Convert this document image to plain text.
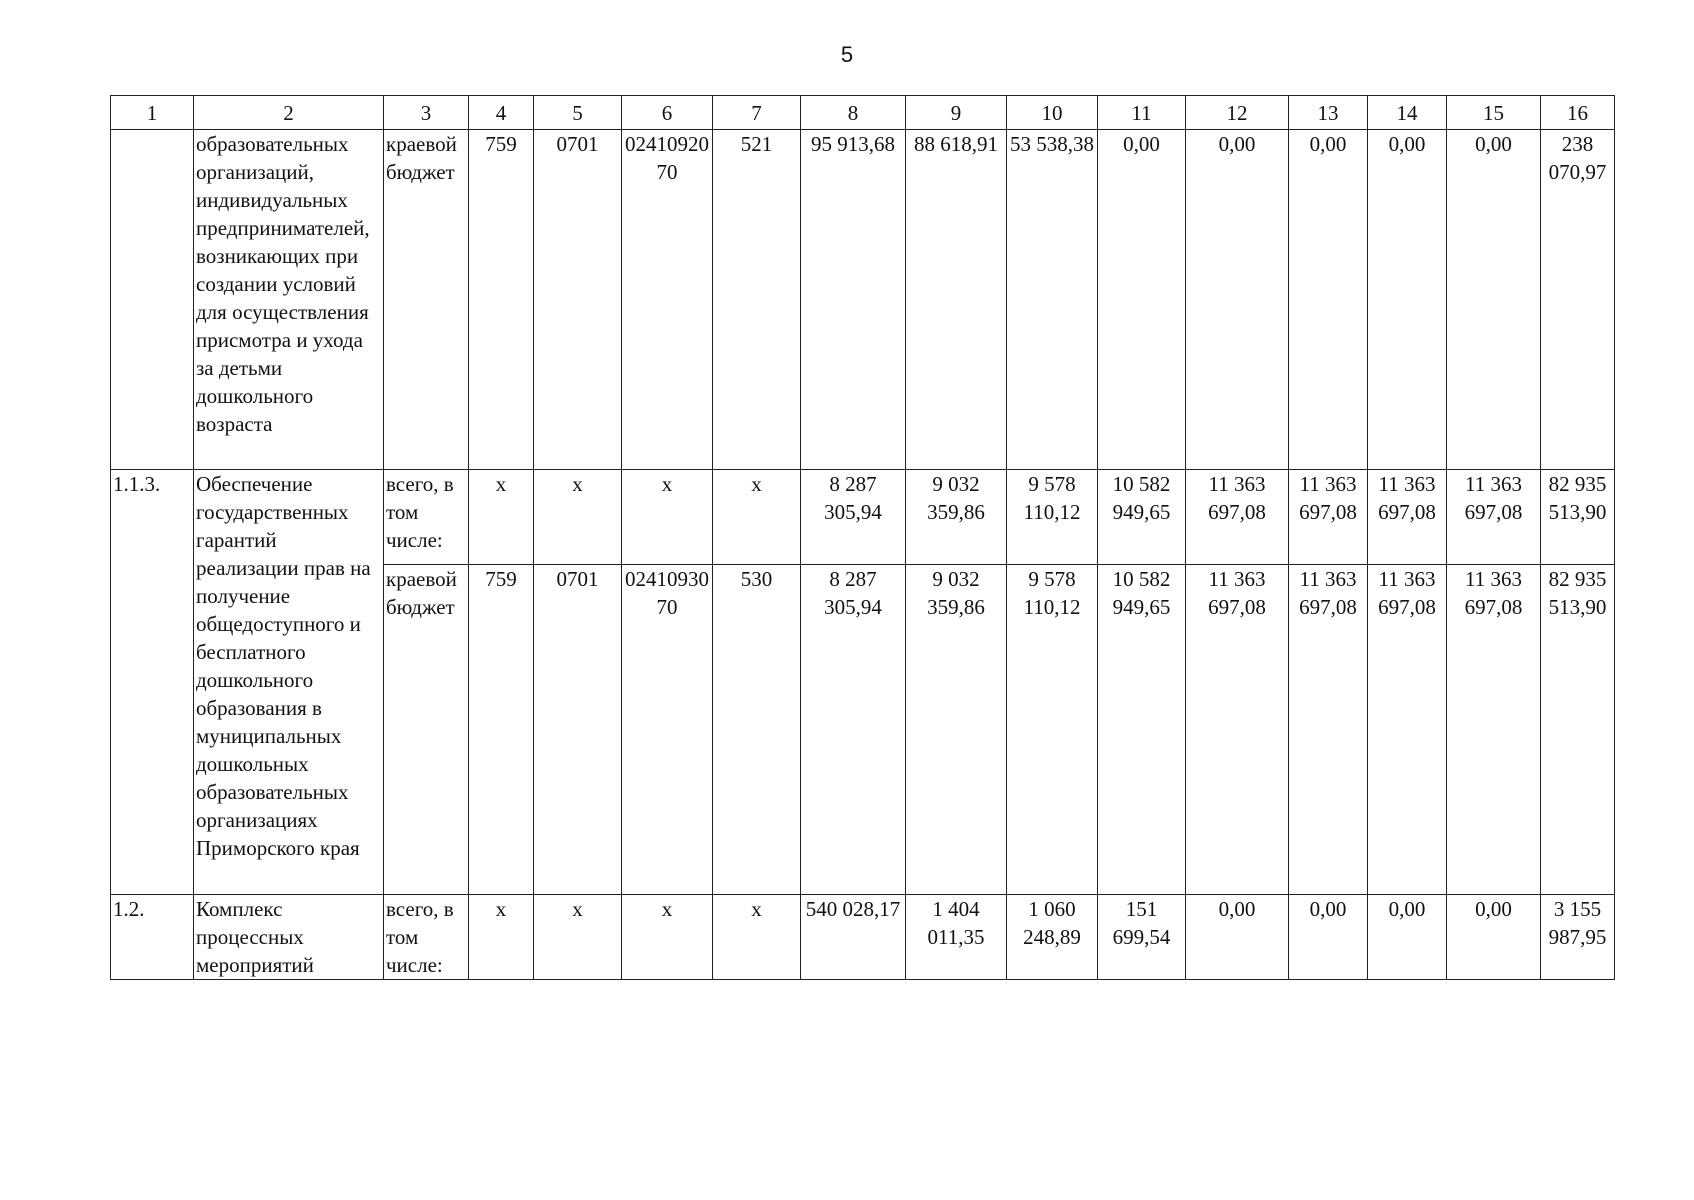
5
1	2	3	4	5	6	7	8	9	10	11	12	13	14	15	16
	образовательных организаций, индивидуальных предпринимателей, возникающих при создании условий для осуществления присмотра и ухода за детьми дошкольного возраста	краевой бюджет	759	0701	0241092070	521	95 913,68	88 618,91	53 538,38	0,00	0,00	0,00	0,00	0,00	238 070,97
1.1.3.	Обеспечение государственных гарантий реализации прав на получение общедоступного и бесплатного дошкольного образования в муниципальных дошкольных образовательных организациях Приморского края	всего, в том числе:	х	х	х	х	8 287 305,94	9 032 359,86	9 578 110,12	10 582 949,65	11 363 697,08	11 363 697,08	11 363 697,08	11 363 697,08	82 935 513,90
		краевой бюджет	759	0701	0241093070	530	8 287 305,94	9 032 359,86	9 578 110,12	10 582 949,65	11 363 697,08	11 363 697,08	11 363 697,08	11 363 697,08	82 935 513,90
1.2.	Комплекс процессных мероприятий	всего, в том числе:	х	х	х	х	540 028,17	1 404 011,35	1 060 248,89	151 699,54	0,00	0,00	0,00	0,00	3 155 987,95
